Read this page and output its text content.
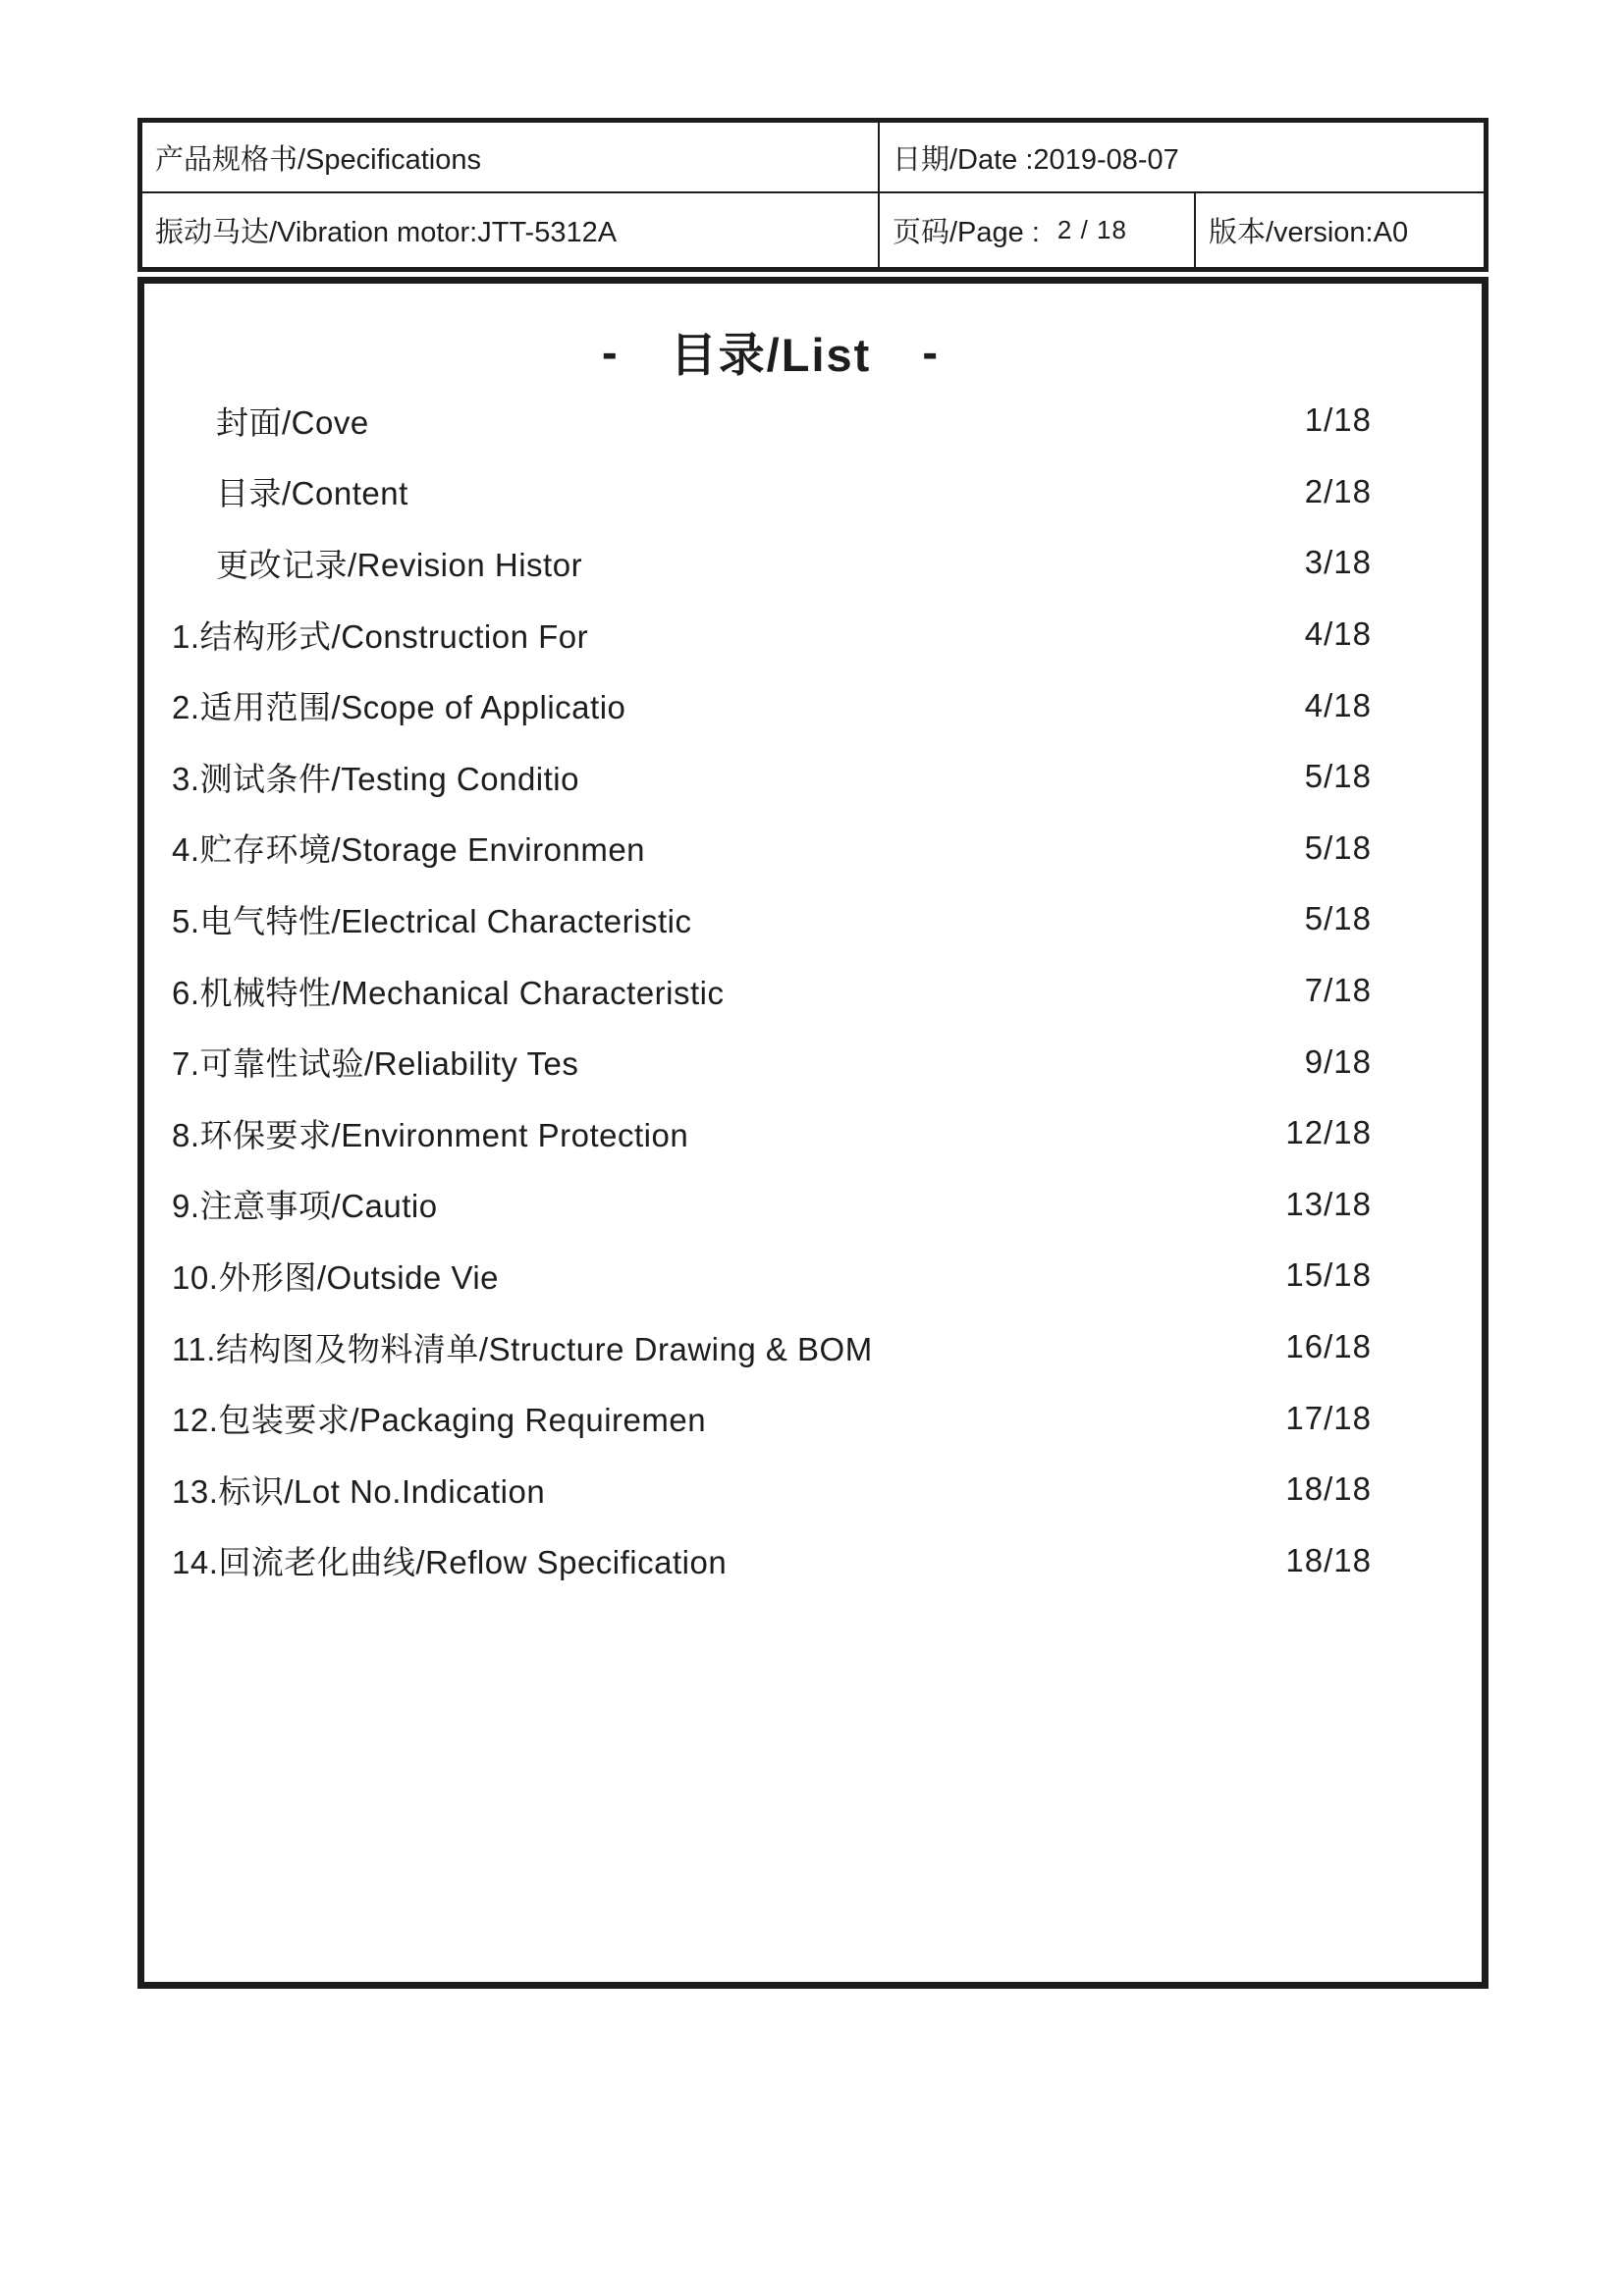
产品规格书/Specifications	日期/Date :2019-08-07
振动马达/Vibration motor:JTT-5312A	页码/Page : 2 / 18	版本/version:A0
- 目录/List -
封面/Cove	1/18
目录/Content	2/18
更改记录/Revision Histor	3/18
1.结构形式/Construction For	4/18
2.适用范围/Scope of Applicatio	4/18
3.测试条件/Testing Conditio	5/18
4.贮存环境/Storage Environmen	5/18
5.电气特性/Electrical Characteristic	5/18
6.机械特性/Mechanical Characteristic	7/18
7.可靠性试验/Reliability Tes	9/18
8.环保要求/Environment Protection	12/18
9.注意事项/Cautio	13/18
10.外形图/Outside Vie	15/18
11.结构图及物料清单/Structure Drawing & BOM	16/18
12.包装要求/Packaging Requiremen	17/18
13.标识/Lot No.Indication	18/18
14.回流老化曲线/Reflow Specification	18/18
